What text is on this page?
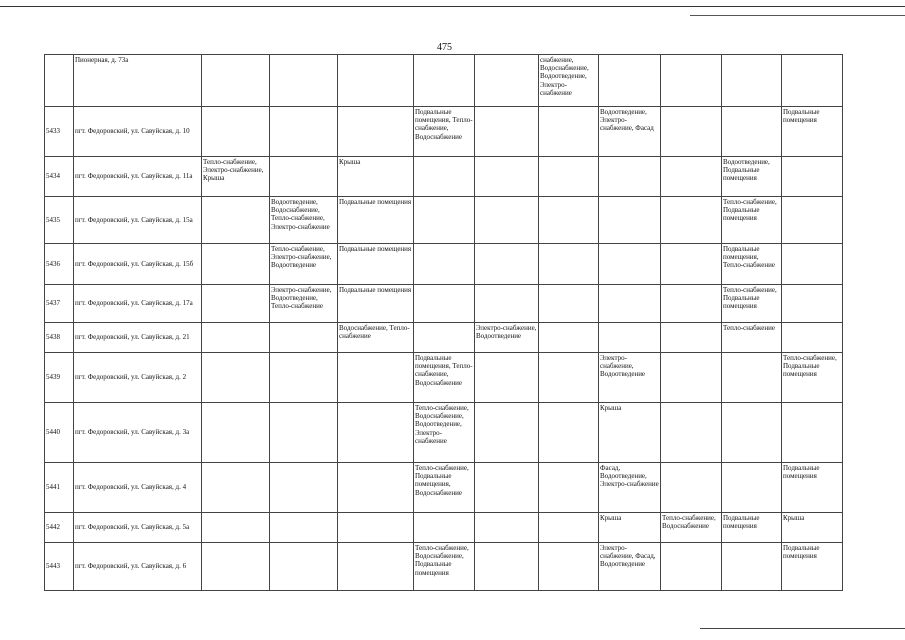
475
	Пионерная, д. 73а						снабжение, Водоснабжение, Водоотведение, Электро-снабжение				
5433	пгт. Федоровский, ул. Савуйская, д. 10				Подвальные помещения, Тепло-снабжение, Водоснабжение			Водоотведение, Электро-снабжение, Фасад			Подвальные помещения
5434	пгт. Федоровский, ул. Савуйская, д. 11а	Тепло-снабжение, Электро-снабжение, Крыша		Крыша						Водоотведение, Подвальные помещения	
5435	пгт. Федоровский, ул. Савуйская, д. 15а		Водоотведение, Водоснабжение, Тепло-снабжение, Электро-снабжение	Подвальные помещения						Тепло-снабжение, Подвальные помещения	
5436	пгт. Федоровский, ул. Савуйская, д. 15б		Тепло-снабжение, Электро-снабжение, Водоотведение	Подвальные помещения						Подвальные помещения, Тепло-снабжение	
5437	пгт. Федоровский, ул. Савуйская, д. 17а		Электро-снабжение, Водоотведение, Тепло-снабжение	Подвальные помещения						Тепло-снабжение, Подвальные помещения	
5438	пгт. Федоровский, ул. Савуйская, д. 21			Водоснабжение, Тепло-снабжение		Электро-снабжение, Водоотведение				Тепло-снабжение	
5439	пгт. Федоровский, ул. Савуйская, д. 2				Подвальные помещения, Тепло-снабжение, Водоснабжение			Электро-снабжение, Водоотведение			Тепло-снабжение, Подвальные помещения
5440	пгт. Федоровский, ул. Савуйская, д. 3а				Тепло-снабжение, Водоснабжение, Водоотведение, Электро-снабжение			Крыша			
5441	пгт. Федоровский, ул. Савуйская, д. 4				Тепло-снабжение, Подвальные помещения, Водоснабжение			Фасад, Водоотведение, Электро-снабжение			Подвальные помещения
5442	пгт. Федоровский, ул. Савуйская, д. 5а							Крыша	Тепло-снабжение, Водоснабжение	Подвальные помещения	Крыша
5443	пгт. Федоровский, ул. Савуйская, д. 6				Тепло-снабжение, Водоснабжение, Подвальные помещения			Электро-снабжение, Фасад, Водоотведение			Подвальные помещения
